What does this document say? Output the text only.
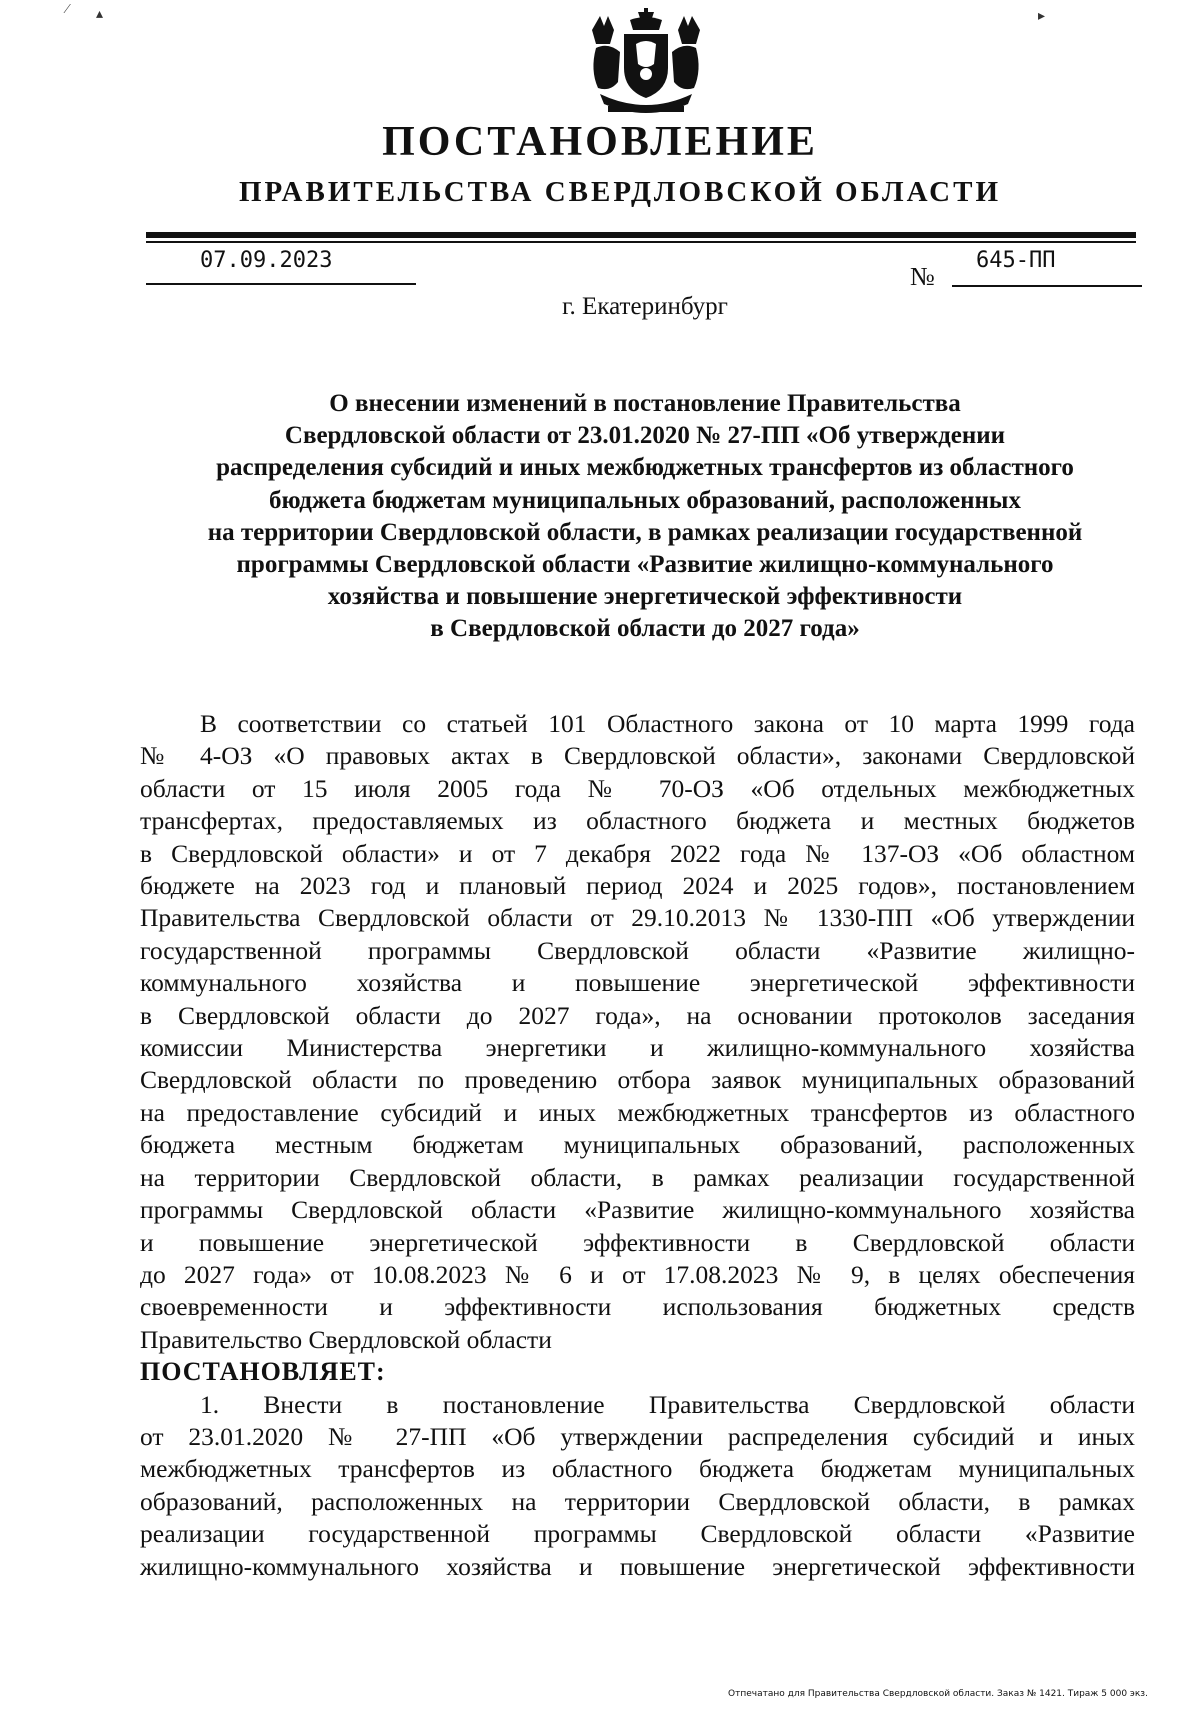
⁄ ▴	▸
ПОСТАНОВЛЕНИЕ
ПРАВИТЕЛЬСТВА СВЕРДЛОВСКОЙ ОБЛАСТИ
07.09.2023
№
645-ПП
г. Екатеринбург
О внесении изменений в постановление Правительства
Свердловской области от 23.01.2020 № 27-ПП «Об утверждении
распределения субсидий и иных межбюджетных трансфертов из областного
бюджета бюджетам муниципальных образований, расположенных
на территории Свердловской области, в рамках реализации государственной
программы Свердловской области «Развитие жилищно-коммунального
хозяйства и повышение энергетической эффективности
в Свердловской области до 2027 года»
В соответствии со статьей 101 Областного закона от 10 марта 1999 года
№ 4-ОЗ «О правовых актах в Свердловской области», законами Свердловской
области от 15 июля 2005 года № 70-ОЗ «Об отдельных межбюджетных
трансфертах, предоставляемых из областного бюджета и местных бюджетов
в Свердловской области» и от 7 декабря 2022 года № 137-ОЗ «Об областном
бюджете на 2023 год и плановый период 2024 и 2025 годов», постановлением
Правительства Свердловской области от 29.10.2013 № 1330-ПП «Об утверждении
государственной программы Свердловской области «Развитие жилищно-
коммунального хозяйства и повышение энергетической эффективности
в Свердловской области до 2027 года», на основании протоколов заседания
комиссии Министерства энергетики и жилищно-коммунального хозяйства
Свердловской области по проведению отбора заявок муниципальных образований
на предоставление субсидий и иных межбюджетных трансфертов из областного
бюджета местным бюджетам муниципальных образований, расположенных
на территории Свердловской области, в рамках реализации государственной
программы Свердловской области «Развитие жилищно-коммунального хозяйства
и повышение энергетической эффективности в Свердловской области
до 2027 года» от 10.08.2023 № 6 и от 17.08.2023 № 9, в целях обеспечения
своевременности и эффективности использования бюджетных средств
Правительство Свердловской области
ПОСТАНОВЛЯЕТ:
1. Внести в постановление Правительства Свердловской области
от 23.01.2020 № 27-ПП «Об утверждении распределения субсидий и иных
межбюджетных трансфертов из областного бюджета бюджетам муниципальных
образований, расположенных на территории Свердловской области, в рамках
реализации государственной программы Свердловской области «Развитие
жилищно-коммунального хозяйства и повышение энергетической эффективности
Отпечатано для Правительства Свердловской области. Заказ № 1421. Тираж 5 000 экз.
